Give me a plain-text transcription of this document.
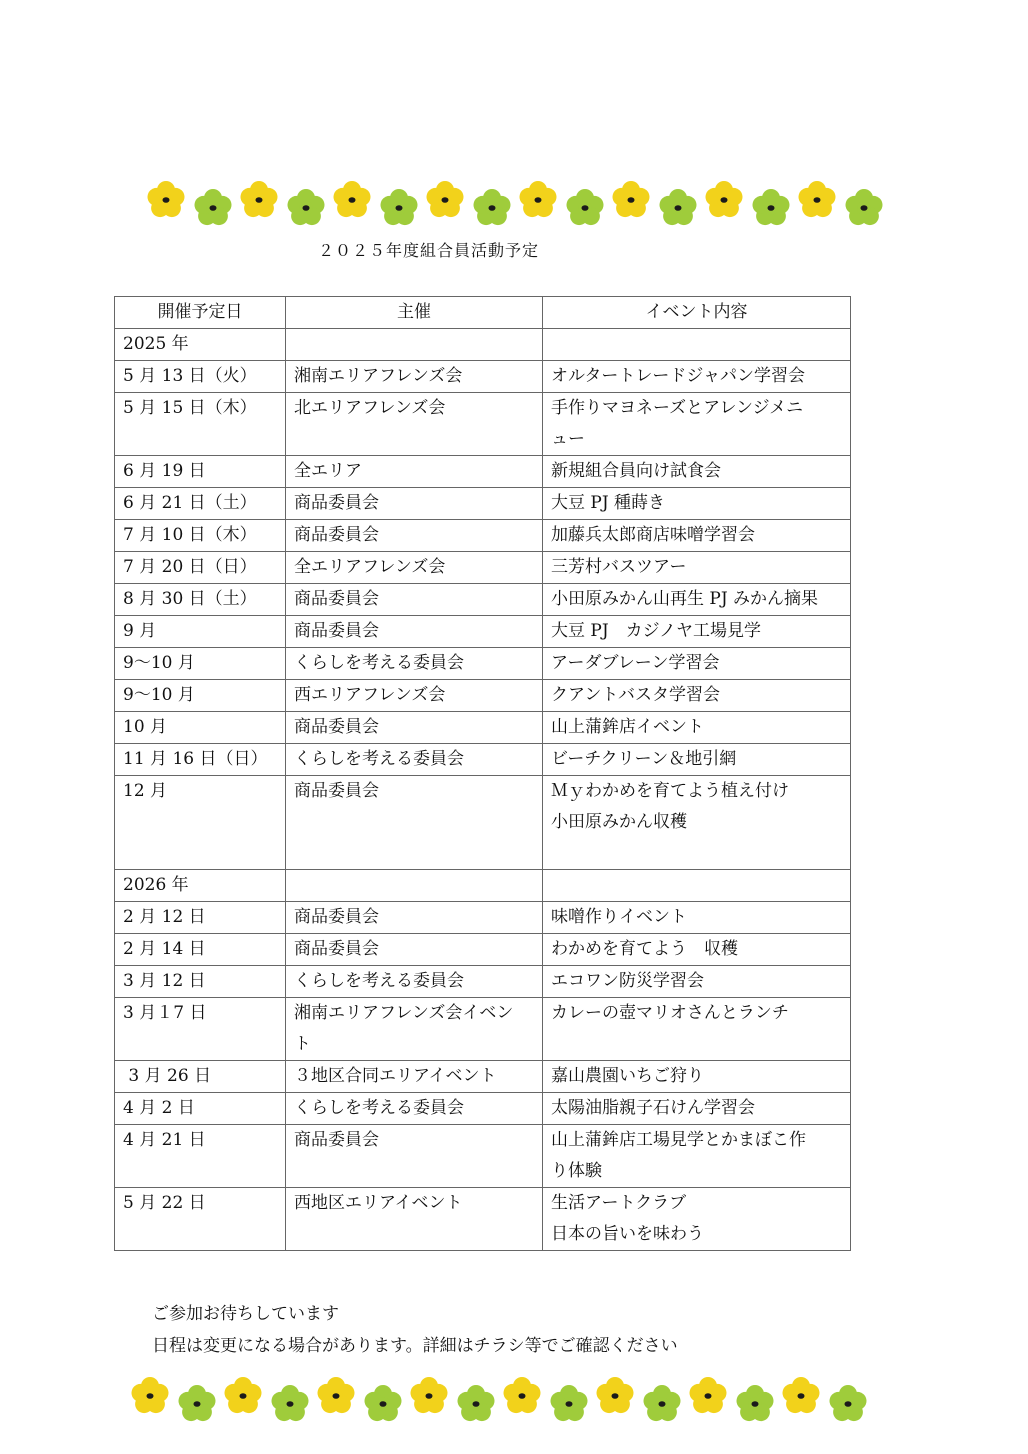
２０２５年度組合員活動予定
開催予定日	主催	イベント内容
2025 年		

5 月 13 日（火）	湘南エリアフレンズ会	オルタートレードジャパン学習会

5 月 15 日（木）	北エリアフレンズ会	手作りマヨネーズとアレンジメニ
ュー

6 月 19 日	全エリア	新規組合員向け試食会

6 月 21 日（土）	商品委員会	大豆 PJ 種蒔き

7 月 10 日（木）	商品委員会	加藤兵太郎商店味噌学習会

7 月 20 日（日）	全エリアフレンズ会	三芳村バスツアー

8 月 30 日（土）	商品委員会	小田原みかん山再生 PJ みかん摘果

9 月	商品委員会	大豆 PJ　カジノヤ工場見学

9～10 月	くらしを考える委員会	アーダブレーン学習会

9～10 月	西エリアフレンズ会	クアントバスタ学習会

10 月	商品委員会	山上蒲鉾店イベント

11 月 16 日（日）	くらしを考える委員会	ビーチクリーン＆地引網

12 月	商品委員会	Ｍｙわかめを育てよう植え付け
小田原みかん収穫

2026 年		

2 月 12 日	商品委員会	味噌作りイベント

2 月 14 日	商品委員会	わかめを育てよう　収穫

3 月 12 日	くらしを考える委員会	エコワン防災学習会

3 月１7 日	湘南エリアフレンズ会イベン
ト	カレーの壺マリオさんとランチ

3 月 26 日	３地区合同エリアイベント	嘉山農園いちご狩り

4 月 2 日	くらしを考える委員会	太陽油脂親子石けん学習会

4 月 21 日	商品委員会	山上蒲鉾店工場見学とかまぼこ作
り体験

5 月 22 日	西地区エリアイベント	生活アートクラブ
日本の旨いを味わう
ご参加お待ちしています
日程は変更になる場合があります。詳細はチラシ等でご確認ください
